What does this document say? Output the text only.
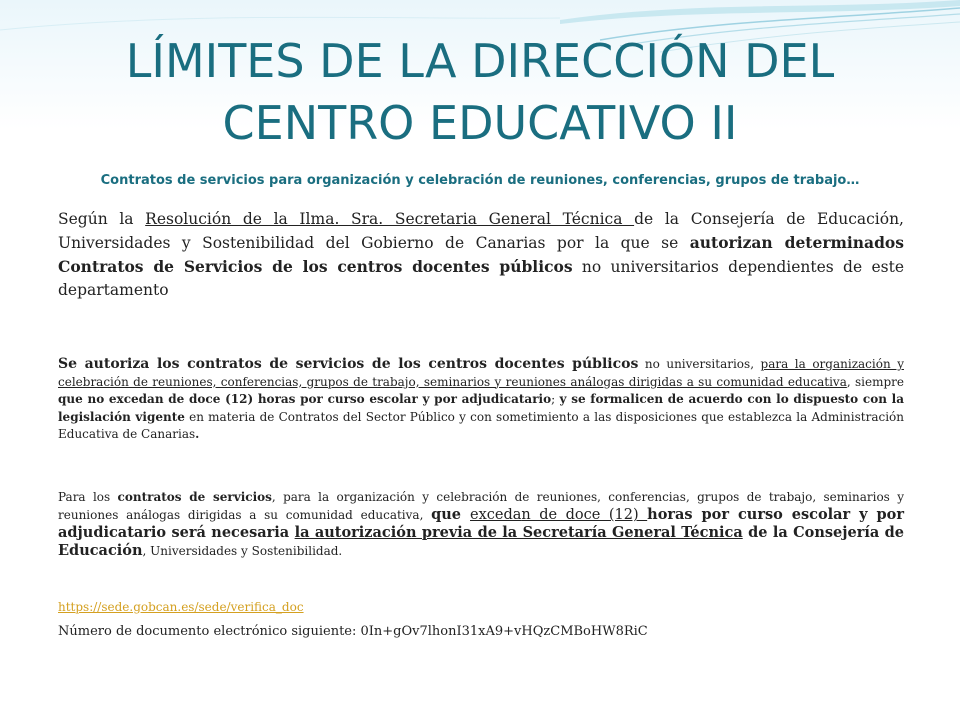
LÍMITES DE LA DIRECCIÓN DEL
CENTRO EDUCATIVO II

Contratos de servicios para organización y celebración de reuniones, conferencias, grupos de trabajo…

Según la Resolución de la Ilma. Sra. Secretaria General Técnica de la Consejería de Educación, Universidades y Sostenibilidad del Gobierno de Canarias por la que se autorizan determinados Contratos de Servicios de los centros docentes públicos no universitarios dependientes de este departamento

Se autoriza los contratos de servicios de los centros docentes públicos no universitarios, para la organización y celebración de reuniones, conferencias, grupos de trabajo, seminarios y reuniones análogas dirigidas a su comunidad educativa, siempre que no excedan de doce (12) horas por curso escolar y por adjudicatario; y se formalicen de acuerdo con lo dispuesto con la legislación vigente en materia de Contratos del Sector Público y con sometimiento a las disposiciones que establezca la Administración Educativa de Canarias.

Para los contratos de servicios, para la organización y celebración de reuniones, conferencias, grupos de trabajo, seminarios y reuniones análogas dirigidas a su comunidad educativa, que excedan de doce (12) horas por curso escolar y por adjudicatario será necesaria la autorización previa de la Secretaría General Técnica de la Consejería de Educación, Universidades y Sostenibilidad.

https://sede.gobcan.es/sede/verifica_doc

Número de documento electrónico siguiente: 0In+gOv7lhonI31xA9+vHQzCMBoHW8RiC
